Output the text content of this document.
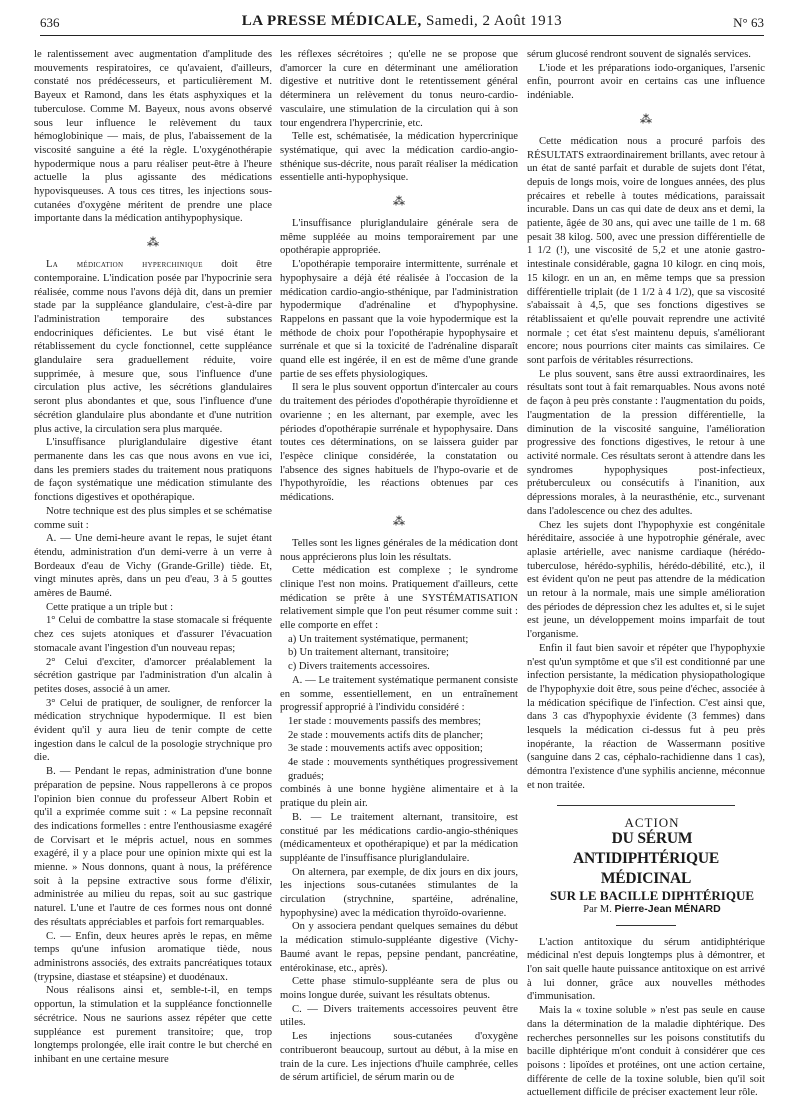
636	LA PRESSE MÉDICALE, Samedi, 2 Août 1913	N° 63

le ralentissement avec augmentation d'amplitude des mouvements respiratoires, ce qu'avaient, d'ailleurs, constaté nos prédécesseurs, et particulièrement M. Bayeux et Ramond, dans les états asphyxiques et la tuberculose. Comme M. Bayeux, nous avons observé sous leur influence le relèvement du taux hémoglobinique — mais, de plus, l'abaissement de la viscosité sanguine a été la règle. L'oxygénothérapie hypodermique nous a paru réaliser peut-être à l'heure actuelle la plus agissante des médications hypovisqueuses. A tous ces titres, les injections sous-cutanées d'oxygène méritent de prendre une place importante dans la médication antihypophysique.

⁂

La médication hyperchinique doit être contemporaine. L'indication posée par l'hypocrinie sera réalisée, comme nous l'avons déjà dit, dans un premier stade par la suppléance glandulaire, c'est-à-dire par l'administration temporaire des substances endocriniques déficientes. Le but visé étant le rétablissement du cycle fonctionnel, cette suppléance glandulaire sera graduellement réduite, voire supprimée, à mesure que, sous l'influence d'une circulation plus active, les sécrétions glandulaires seront plus abondantes et que, sous l'influence d'une sécrétion glandulaire plus abondante et d'une nutrition plus active, la circulation sera plus marquée.

L'insuffisance pluriglandulaire digestive étant permanente dans les cas que nous avons en vue ici, dans les premiers stades du traitement nous pratiquons de façon systématique une médication stimulante des fonctions digestives et opothérapique.

Notre technique est des plus simples et se schématise comme suit :

A. — Une demi-heure avant le repas, le sujet étant étendu, administration d'un demi-verre à un verre à Bordeaux d'eau de Vichy (Grande-Grille) tiède. Et, vingt minutes après, dans un peu d'eau, 3 à 5 gouttes amères de Baumé.

Cette pratique a un triple but :

1° Celui de combattre la stase stomacale si fréquente chez ces sujets atoniques et d'assurer l'évacuation stomacale avant l'ingestion d'un nouveau repas;

2° Celui d'exciter, d'amorcer préalablement la sécrétion gastrique par l'administration d'un alcalin à petites doses, associé à un amer.

3° Celui de pratiquer, de souligner, de renforcer la médication strychnique hypodermique. Il est bien évident qu'il y aura lieu de tenir compte de cette ingestion dans le calcul de la posologie strychnique pro die.

B. — Pendant le repas, administration d'une bonne préparation de pepsine. Nous rappellerons à ce propos l'opinion bien connue du professeur Albert Robin et qu'il a exprimée comme suit : « La pepsine reconnaît des indications formelles : entre l'enthousiasme exagéré de Corvisart et le mépris actuel, nous en sommes exagéré, il y a place pour une opinion mixte qui est la mienne. » Nous donnons, quant à nous, la préférence soit à la pepsine extractive sous forme d'élixir, administrée au milieu du repas, soit au suc gastrique naturel. L'une et l'autre de ces formes nous ont donné des résultats appréciables et parfois fort remarquables.

C. — Enfin, deux heures après le repas, en même temps qu'une infusion aromatique tiède, nous administrons associés, des extraits pancréatiques totaux (trypsine, diastase et stéapsine) et duodénaux.

Nous réalisons ainsi et, semble-t-il, en temps opportun, la stimulation et la suppléance fonctionnelle sécrétrice. Nous ne saurions assez répéter que cette suppléance est purement transitoire; que, trop longtemps prolongée, elle irait contre le but cherché en inhibant en une certaine mesure

les réflexes sécrétoires ; qu'elle ne se propose que d'amorcer la cure en déterminant une amélioration digestive et nutritive dont le retentissement général déterminera un relèvement du tonus neuro-cardio-vasculaire, une stimulation de la circulation qui à son tour engendrera l'hypercrinie, etc.

Telle est, schématisée, la médication hypercrinique systématique, qui avec la médication cardio-angio-sthénique sus-décrite, nous paraît réaliser la médication essentielle anti-hypophysique.

⁂

L'insuffisance pluriglandulaire générale sera de même suppléée au moins temporairement par une opothérapie appropriée.

L'opothérapie temporaire intermittente, surrénale et hypophysaire a déjà été réalisée à l'occasion de la médication cardio-angio-sthénique, par l'administration hypodermique d'adrénaline et d'hypophysine. Rappelons en passant que la voie hypodermique est la méthode de choix pour l'opothérapie hypophysaire et surrénale et que si la toxicité de l'adrénaline disparaît quand elle est ingérée, il en est de même d'une grande partie de ses effets physiologiques.

Il sera le plus souvent opportun d'intercaler au cours du traitement des périodes d'opothérapie thyroïdienne et ovarienne ; en les alternant, par exemple, avec les périodes d'opothérapie surrénale et hypophysaire. Dans toutes ces déterminations, on se laissera guider par l'espèce clinique considérée, la constatation ou l'absence des signes habituels de l'hypo-ovarie et de l'hypothyroïdie, les réactions obtenues par ces médications.

⁂

Telles sont les lignes générales de la médication dont nous apprécierons plus loin les résultats.

Cette médication est complexe ; le syndrome clinique l'est non moins. Pratiquement d'ailleurs, cette médication se prête à une SYSTÉMATISATION relativement simple que l'on peut résumer comme suit : elle comporte en effet :

a) Un traitement systématique, permanent;

b) Un traitement alternant, transitoire;

c) Divers traitements accessoires.

A. — Le traitement systématique permanent consiste en somme, essentiellement, en un entraînement progressif approprié à l'individu considéré :

1er stade : mouvements passifs des membres;

2e stade : mouvements actifs dits de plancher;

3e stade : mouvements actifs avec opposition;

4e stade : mouvements synthétiques progressivement gradués;

combinés à une bonne hygiène alimentaire et à la pratique du plein air.

B. — Le traitement alternant, transitoire, est constitué par les médications cardio-angio-sthéniques (médicamenteux et opothérapique) et par la médication suppléante de l'insuffisance pluriglandulaire.

On alternera, par exemple, de dix jours en dix jours, les injections sous-cutanées stimulantes de la circulation (strychnine, spartéine, adrénaline, hypophysine) avec la médication thyroïdo-ovarienne.

On y associera pendant quelques semaines du début la médication stimulo-suppléante digestive (Vichy-Baumé avant le repas, pepsine pendant, pancréatine, entérokinase, etc., après).

Cette phase stimulo-suppléante sera de plus ou moins longue durée, suivant les résultats obtenus.

C. — Divers traitements accessoires peuvent être utiles.

Les injections sous-cutanées d'oxygène contribueront beaucoup, surtout au début, à la mise en train de la cure. Les injections d'huile camphrée, celles de sérum artificiel, de sérum marin ou de

sérum glucosé rendront souvent de signalés services.

L'iode et les préparations iodo-organiques, l'arsenic enfin, pourront avoir en certains cas une influence indéniable.

⁂

Cette médication nous a procuré parfois des RÉSULTATS extraordinairement brillants, avec retour à un état de santé parfait et durable de sujets dont l'état, depuis de longs mois, voire de longues années, des plus précaires et rebelle à toutes médications, paraissait incurable. Dans un cas qui date de deux ans et demi, la patiente, âgée de 30 ans, qui avec une taille de 1 m. 68 pesait 38 kilog. 500, avec une pression différentielle de 1 1/2 (!), une viscosité de 5,2 et une atonie gastro-intestinale considérable, gagna 10 kilogr. en cinq mois, 15 kilogr. en un an, en même temps que sa pression différentielle triplait (de 1 1/2 à 4 1/2), que sa viscosité s'abaissait à 4,5, que ses fonctions digestives se rétablissaient et qu'elle pouvait reprendre une activité normale ; cet état s'est maintenu depuis, s'améliorant encore; nous pourrions citer maints cas similaires. Ce sont parfois de véritables résurrections.

Le plus souvent, sans être aussi extraordinaires, les résultats sont tout à fait remarquables. Nous avons noté de façon à peu près constante : l'augmentation du poids, l'augmentation de la pression différentielle, la diminution de la viscosité sanguine, l'amélioration progressive des fonctions digestives, le retour à une activité normale. Ces résultats seront à attendre dans les syndromes hypophysiques post-infectieux, prétuberculeux ou consécutifs à l'inanition, aux dépressions morales, à la neurasthénie, etc., survenant dans l'adolescence ou chez des adultes.

Chez les sujets dont l'hypophyxie est congénitale héréditaire, associée à une hypotrophie générale, avec aplasie artérielle, avec nanisme cardiaque (hérédo-tuberculose, hérédo-syphilis, hérédo-débilité, etc.), il est évident qu'on ne peut pas attendre de la médication un retour à la normale, mais une simple amélioration des périodes de dépression chez les adultes et, si le sujet est jeune, un développement moins imparfait de tout l'organisme.

Enfin il faut bien savoir et répéter que l'hypophyxie n'est qu'un symptôme et que s'il est conditionné par une infection persistante, la médication physiopathologique de l'hypophyxie doit être, sous peine d'échec, associée à la médication spécifique de l'infection. C'est ainsi que, dans 3 cas d'hypophyxie évidente (3 femmes) dans lesquels la médication ci-dessus fut à peu près inopérante, la réaction de Wassermann positive (sanguine dans 2 cas, céphalo-rachidienne dans 1 cas), démontra l'existence d'une syphilis ancienne, méconnue et non traitée.

ACTION

DU SÉRUM ANTIDIPHTÉRIQUE MÉDICINAL

SUR LE BACILLE DIPHTÉRIQUE

Par M. Pierre-Jean MÉNARD

L'action antitoxique du sérum antidiphtérique médicinal n'est depuis longtemps plus à démontrer, et l'on sait quelle haute puissance antitoxique on est arrivé à lui donner, grâce aux nouvelles méthodes d'immunisation.

Mais la « toxine soluble » n'est pas seule en cause dans la détermination de la maladie diphtérique. Des recherches personnelles sur les poisons constitutifs du bacille diphtérique m'ont conduit à considérer que ces poisons : lipoïdes et protéines, ont une action certaine, différente de celle de la toxine soluble, bien qu'il soit actuellement difficile de préciser exactement leur rôle.
